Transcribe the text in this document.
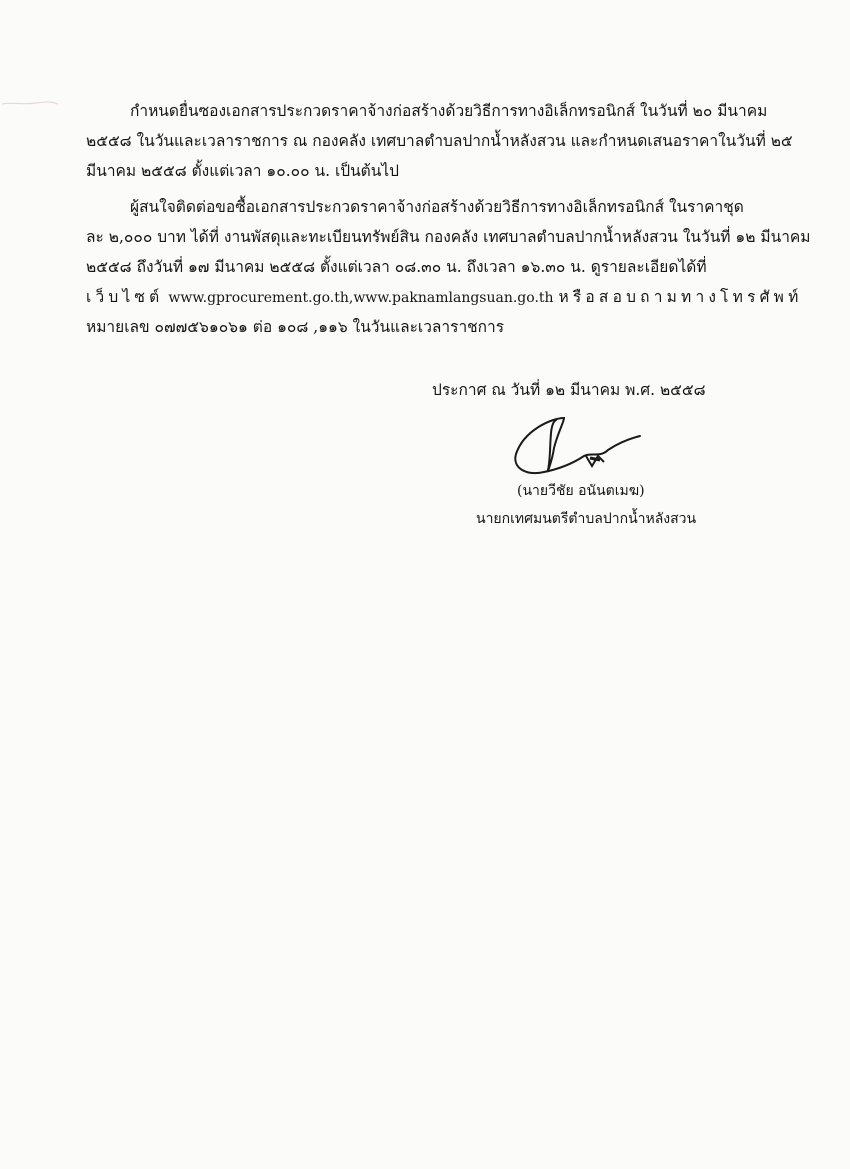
กำหนดยื่นซองเอกสารประกวดราคาจ้างก่อสร้างด้วยวิธีการทางอิเล็กทรอนิกส์ ในวันที่ ๒๐ มีนาคม
๒๕๕๘ ในวันและเวลาราชการ ณ กองคลัง เทศบาลตำบลปากน้ำหลังสวน และกำหนดเสนอราคาในวันที่ ๒๕
มีนาคม ๒๕๕๘ ตั้งแต่เวลา ๑๐.๐๐ น. เป็นต้นไป
ผู้สนใจติดต่อขอซื้อเอกสารประกวดราคาจ้างก่อสร้างด้วยวิธีการทางอิเล็กทรอนิกส์ ในราคาชุด
ละ ๒,๐๐๐ บาท ได้ที่ งานพัสดุและทะเบียนทรัพย์สิน กองคลัง เทศบาลตำบลปากน้ำหลังสวน ในวันที่ ๑๒ มีนาคม
๒๕๕๘ ถึงวันที่ ๑๗ มีนาคม ๒๕๕๘ ตั้งแต่เวลา ๐๘.๓๐ น. ถึงเวลา ๑๖.๓๐ น. ดูรายละเอียดได้ที่
เว็บไซต์ www.gprocurement.go.th,www.paknamlangsuan.go.th หรือสอบถามทางโทรศัพท์
หมายเลข ๐๗๗๕๖๑๐๖๑ ต่อ ๑๐๘ ,๑๑๖ ในวันและเวลาราชการ
ประกาศ ณ วันที่ ๑๒ มีนาคม พ.ศ. ๒๕๕๘
(นายวีชัย อนันตเมฆ)
นายกเทศมนตรีตำบลปากน้ำหลังสวน
